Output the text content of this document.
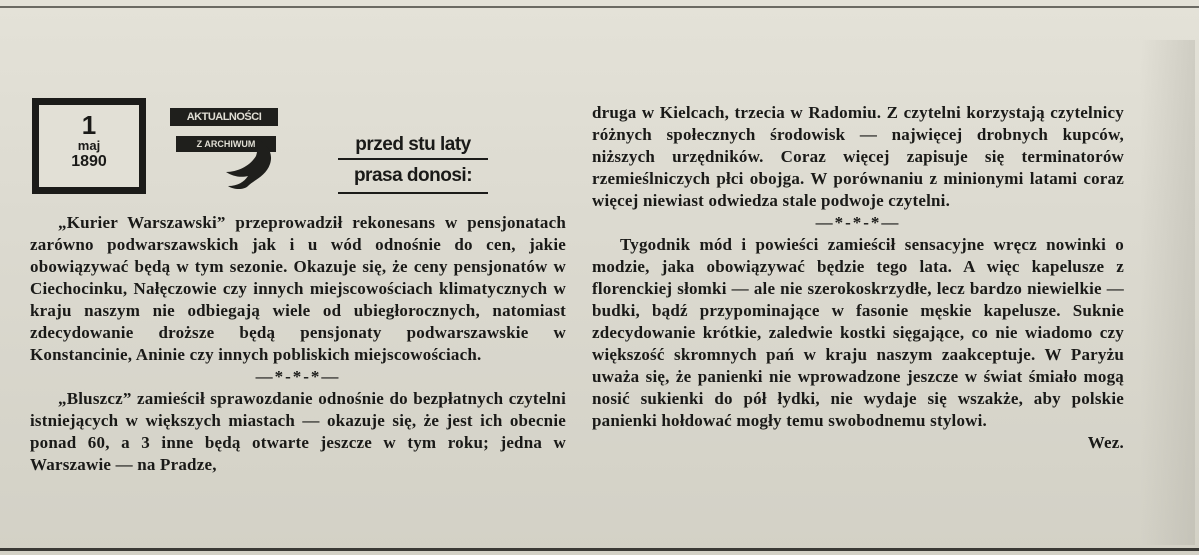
1
maj
1890
AKTUALNOŚCI
Z ARCHIWUM	przed stu laty
prasa donosi:

„Kurier Warszawski” przeprowadził rekonesans w pensjonatach zarówno podwarszawskich jak i u wód odnośnie do cen, jakie obowiązywać będą w tym sezonie. Okazuje się, że ceny pensjonatów w Ciechocinku, Nałęczowie czy innych miejscowościach klimatycznych w kraju naszym nie odbiegają wiele od ubiegłorocznych, natomiast zdecydowanie droższe będą pensjonaty podwarszawskie w Konstancinie, Aninie czy innych pobliskich miejscowościach.

—*-*-*—

„Bluszcz” zamieścił sprawozdanie odnośnie do bezpłatnych czytelni istniejących w większych miastach — okazuje się, że jest ich obecnie ponad 60, a 3 inne będą otwarte jeszcze w tym roku; jedna w Warszawie — na Pradze,

druga w Kielcach, trzecia w Radomiu. Z czytelni korzystają czytelnicy różnych społecznych środowisk — najwięcej drobnych kupców, niższych urzędników. Coraz więcej zapisuje się terminatorów rzemieślniczych płci obojga. W porównaniu z minionymi latami coraz więcej niewiast odwiedza stale podwoje czytelni.

—*-*-*—

Tygodnik mód i powieści zamieścił sensacyjne wręcz nowinki o modzie, jaka obowiązywać będzie tego lata. A więc kapelusze z florenckiej słomki — ale nie szerokoskrzydłe, lecz bardzo niewielkie — budki, bądź przypominające w fasonie męskie kapelusze. Suknie zdecydowanie krótkie, zaledwie kostki sięgające, co nie wiadomo czy większość skromnych pań w kraju naszym zaakceptuje. W Paryżu uważa się, że panienki nie wprowadzone jeszcze w świat śmiało mogą nosić sukienki do pół łydki, nie wydaje się wszakże, aby polskie panienki hołdować mogły temu swobodnemu stylowi.

Wez.
